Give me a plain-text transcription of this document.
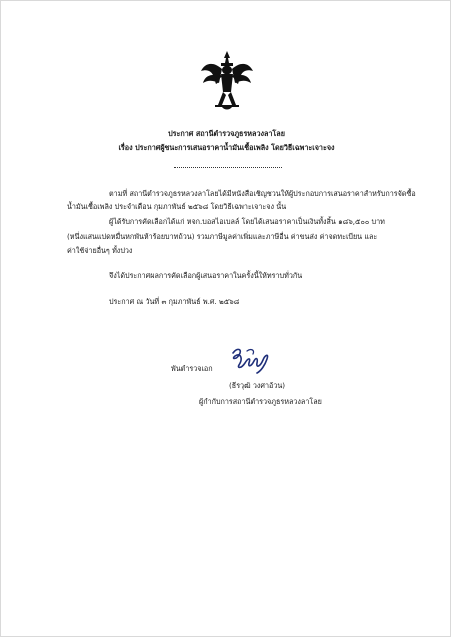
ประกาศ สถานีตำรวจภูธรหลวงลาโลย
เรื่อง ประกาศผู้ชนะการเสนอราคาน้ำมันเชื้อเพลิง โดยวิธีเฉพาะเจาะจง
ตามที่ สถานีตำรวจภูธรหลวงลาโลยได้มีหนังสือเชิญชวนให้ผู้ประกอบการเสนอราคาสำหรับการจัดซื้อ
น้ำมันเชื้อเพลิง ประจำเดือน กุมภาพันธ์ ๒๕๖๘ โดยวิธีเฉพาะเจาะจง นั้น
ผู้ได้รับการคัดเลือกได้แก่ หจก.บอสไอเบลล์ โดยได้เสนอราคาเป็นเงินทั้งสิ้น ๑๘๖,๕๐๐ บาท
(หนึ่งแสนแปดหมื่นหกพันห้าร้อยบาทถ้วน) รวมภาษีมูลค่าเพิ่มและภาษีอื่น ค่าขนส่ง ค่าจดทะเบียน และ
ค่าใช้จ่ายอื่นๆ ทั้งปวง
จึงได้ประกาศผลการคัดเลือกผู้เสนอราคาในครั้งนี้ให้ทราบทั่วกัน
ประกาศ ณ วันที่ ๓ กุมภาพันธ์ พ.ศ. ๒๕๖๘
พันตำรวจเอก
(ธีรวุฒิ วงศาอ้วน)
ผู้กำกับการสถานีตำรวจภูธรหลวงลาโลย
